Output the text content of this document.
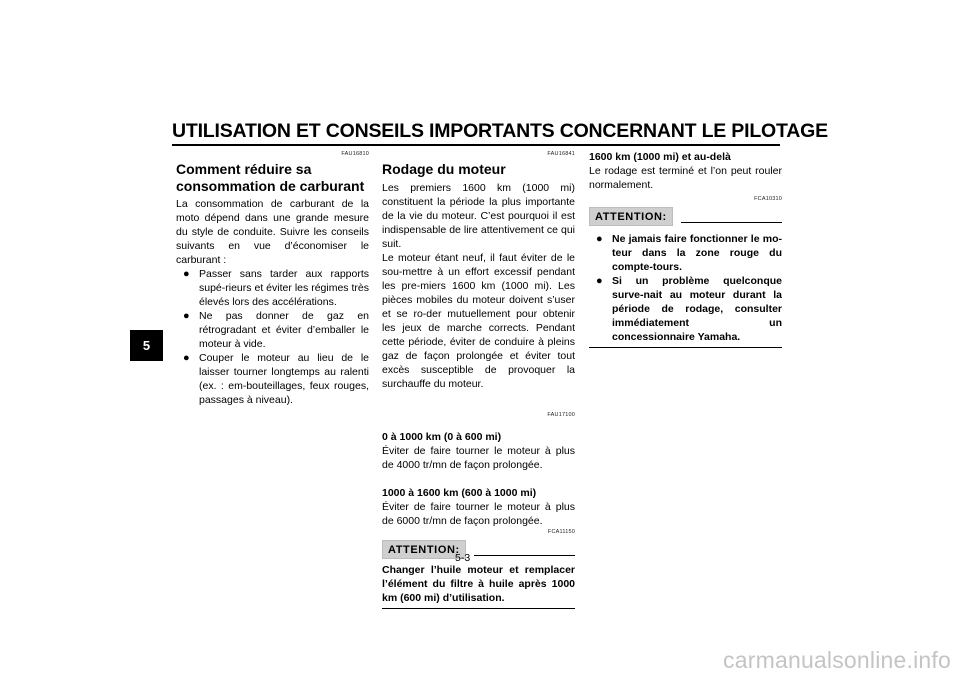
UTILISATION ET CONSEILS IMPORTANTS CONCERNANT LE PILOTAGE
5
FAU16810
Comment réduire sa consommation de carburant

La consommation de carburant de la moto dépend dans une grande mesure du style de conduite. Suivre les conseils suivants en vue d’économiser le carburant :

● Passer sans tarder aux rapports supé-rieurs et éviter les régimes très élevés lors des accélérations.
● Ne pas donner de gaz en rétrogradant et éviter d’emballer le moteur à vide.
● Couper le moteur au lieu de le laisser tourner longtemps au ralenti (ex. : em-bouteillages, feux rouges, passages à niveau).
FAU16841
Rodage du moteur

Les premiers 1600 km (1000 mi) constituent la période la plus importante de la vie du moteur. C’est pourquoi il est indispensable de lire attentivement ce qui suit.

Le moteur étant neuf, il faut éviter de le sou-mettre à un effort excessif pendant les pre-miers 1600 km (1000 mi). Les pièces mobiles du moteur doivent s’user et se ro-der mutuellement pour obtenir les jeux de marche corrects. Pendant cette période, éviter de conduire à pleins gaz de façon prolongée et éviter tout excès susceptible de provoquer la surchauffe du moteur.

FAU17100
0 à 1000 km (0 à 600 mi)

Éviter de faire tourner le moteur à plus de 4000 tr/mn de façon prolongée.

1000 à 1600 km (600 à 1000 mi)

Éviter de faire tourner le moteur à plus de 6000 tr/mn de façon prolongée.

FCA11150
ATTENTION:

Changer l’huile moteur et remplacer l’élément du filtre à huile après 1000 km (600 mi) d’utilisation.

1600 km (1000 mi) et au-delà

Le rodage est terminé et l’on peut rouler normalement.

FCA10310
ATTENTION:
● Ne jamais faire fonctionner le mo-teur dans la zone rouge du compte-tours.
● Si un problème quelconque surve-nait au moteur durant la période de rodage, consulter immédiatement un concessionnaire Yamaha.
5-3
carmanualsonline.info
